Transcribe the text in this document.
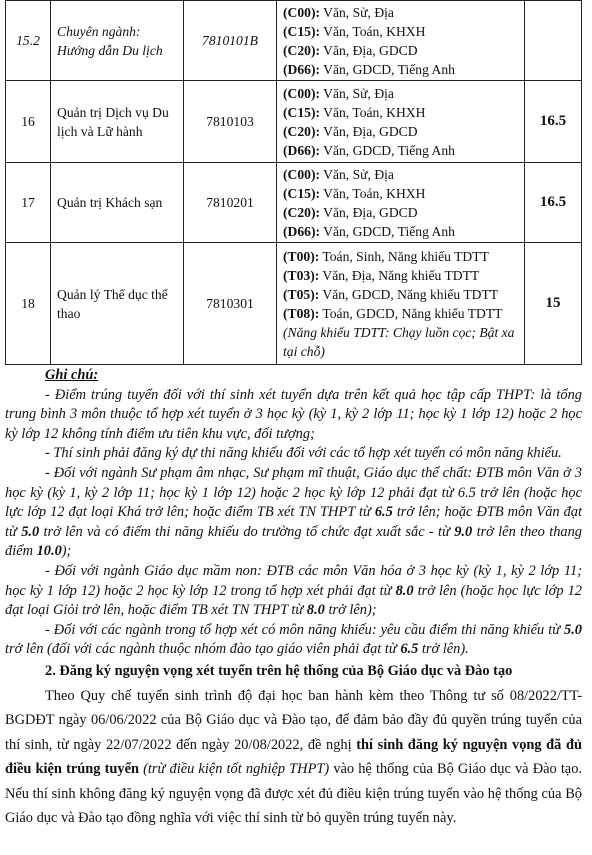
15.2	Chuyên ngành: Hướng dẫn Du lịch	7810101B	(C00): Văn, Sử, Địa
(C15): Văn, Toán, KHXH
(C20): Văn, Địa, GDCD
(D66): Văn, GDCD, Tiếng Anh	

16	Quản trị Dịch vụ Du lịch và Lữ hành	7810103	(C00): Văn, Sử, Địa
(C15): Văn, Toán, KHXH
(C20): Văn, Địa, GDCD
(D66): Văn, GDCD, Tiếng Anh	16.5
17	Quản trị Khách sạn	7810201	(C00): Văn, Sử, Địa
(C15): Văn, Toán, KHXH
(C20): Văn, Địa, GDCD
(D66): Văn, GDCD, Tiếng Anh	16.5
18	Quản lý Thể dục thể thao	7810301	(T00): Toán, Sinh, Năng khiếu TDTT
(T03): Văn, Địa, Năng khiếu TDTT
(T05): Văn, GDCD, Năng khiếu TDTT
(T08): Toán, GDCD, Năng khiếu TDTT
(Năng khiếu TDTT: Chạy luồn cọc; Bật xa tại chỗ)	15

Ghi chú:

- Điểm trúng tuyển đối với thí sinh xét tuyển dựa trên kết quả học tập cấp THPT: là tổng trung bình 3 môn thuộc tổ hợp xét tuyển ở 3 học kỳ (kỳ 1, kỳ 2 lớp 11; học kỳ 1 lớp 12) hoặc 2 học kỳ lớp 12 không tính điểm ưu tiên khu vực, đối tượng;

- Thí sinh phải đăng ký dự thi năng khiếu đối với các tổ hợp xét tuyển có môn năng khiếu.

- Đối với ngành Sư phạm âm nhạc, Sư phạm mĩ thuật, Giáo dục thể chất: ĐTB môn Văn ở 3 học kỳ (kỳ 1, kỳ 2 lớp 11; học kỳ 1 lớp 12) hoặc 2 học kỳ lớp 12 phải đạt từ 6.5 trở lên (hoặc học lực lớp 12 đạt loại Khá trở lên; hoặc điểm TB xét TN THPT từ 6.5 trở lên; hoặc ĐTB môn Văn đạt từ 5.0 trở lên và có điểm thi năng khiếu do trường tổ chức đạt xuất sắc - từ 9.0 trở lên theo thang điểm 10.0);

- Đối với ngành Giáo dục mầm non: ĐTB các môn Văn hóa ở 3 học kỳ (kỳ 1, kỳ 2 lớp 11; học kỳ 1 lớp 12) hoặc 2 học kỳ lớp 12 trong tổ hợp xét phải đạt từ 8.0 trở lên (hoặc học lực lớp 12 đạt loại Giỏi trở lên, hoặc điểm TB xét TN THPT từ 8.0 trở lên);

- Đối với các ngành trong tổ hợp xét có môn năng khiếu: yêu cầu điểm thi năng khiếu từ 5.0 trở lên (đối với các ngành thuộc nhóm đào tạo giáo viên phải đạt từ 6.5 trở lên).

2. Đăng ký nguyện vọng xét tuyển trên hệ thống của Bộ Giáo dục và Đào tạo

Theo Quy chế tuyển sinh trình độ đại học ban hành kèm theo Thông tư số 08/2022/TT-BGDĐT ngày 06/06/2022 của Bộ Giáo dục và Đào tạo, để đảm bảo đầy đủ quyền trúng tuyển của thí sinh, từ ngày 22/07/2022 đến ngày 20/08/2022, đề nghị thí sinh đăng ký nguyện vọng đã đủ điều kiện trúng tuyển (trừ điều kiện tốt nghiệp THPT) vào hệ thống của Bộ Giáo dục và Đào tạo. Nếu thí sinh không đăng ký nguyện vọng đã được xét đủ điều kiện trúng tuyển vào hệ thống của Bộ Giáo dục và Đào tạo đồng nghĩa với việc thí sinh từ bỏ quyền trúng tuyển này.
